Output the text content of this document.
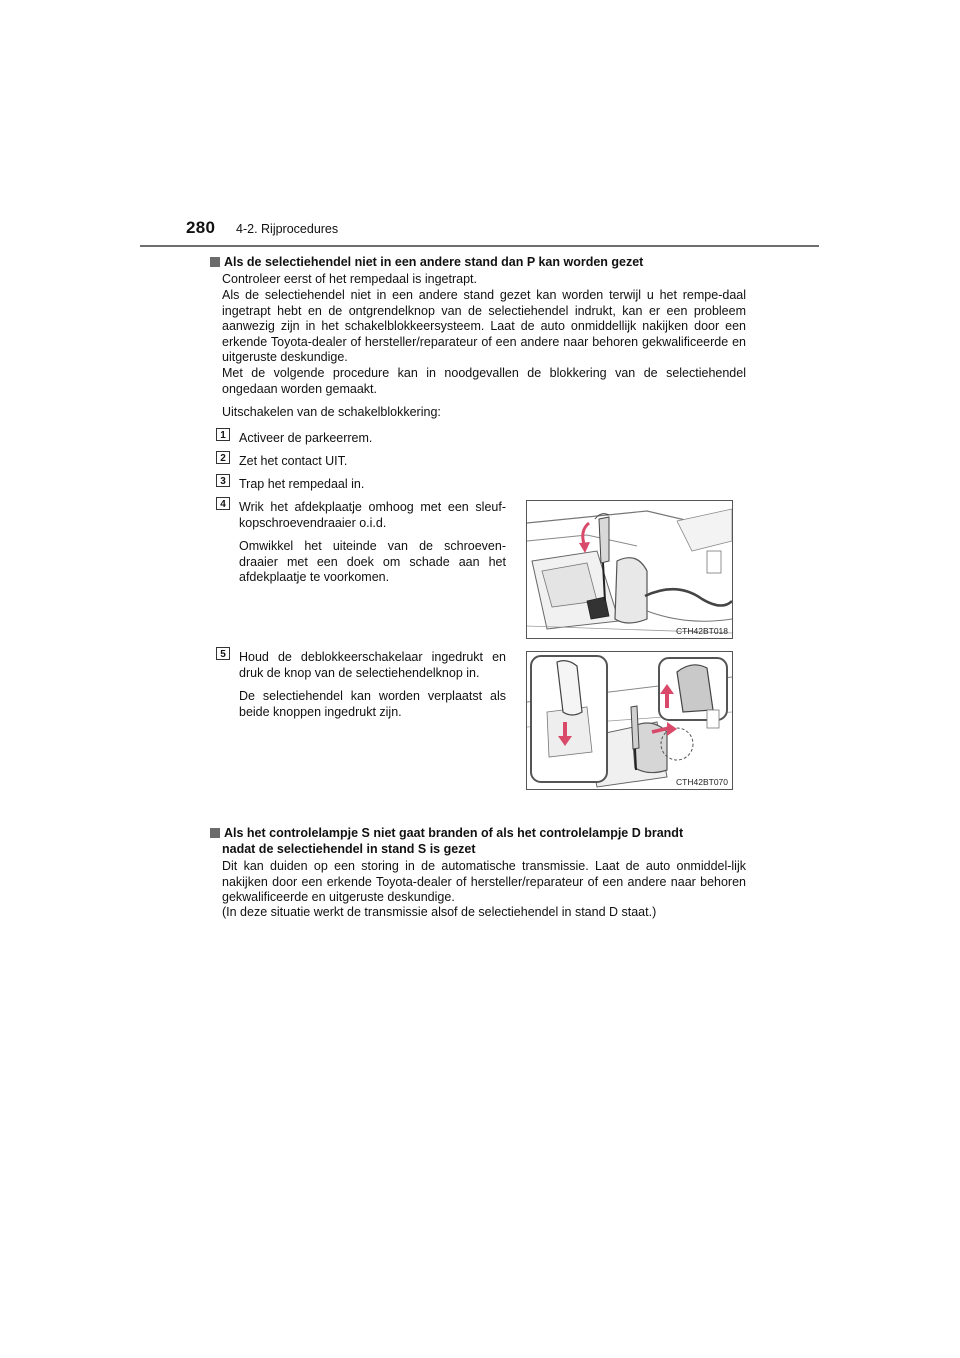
280 4-2. Rijprocedures
Als de selectiehendel niet in een andere stand dan P kan worden gezet
Controleer eerst of het rempedaal is ingetrapt.
Als de selectiehendel niet in een andere stand gezet kan worden terwijl u het rempe-daal ingetrapt hebt en de ontgrendelknop van de selectiehendel indrukt, kan er een probleem aanwezig zijn in het schakelblokkeersysteem. Laat de auto onmiddellijk nakijken door een erkende Toyota-dealer of hersteller/reparateur of een andere naar behoren gekwalificeerde en uitgeruste deskundige.
Met de volgende procedure kan in noodgevallen de blokkering van de selectiehendel ongedaan worden gemaakt.
Uitschakelen van de schakelblokkering:
1	Activeer de parkeerrem.
2	Zet het contact UIT.
3	Trap het rempedaal in.
4	Wrik het afdekplaatje omhoog met een sleuf-kopschroevendraaier o.i.d.
Omwikkel het uiteinde van de schroeven-draaier met een doek om schade aan het afdekplaatje te voorkomen.
CTH42BT018
5	Houd de deblokkeerschakelaar ingedrukt en druk de knop van de selectiehendelknop in.
De selectiehendel kan worden verplaatst als beide knoppen ingedrukt zijn.
CTH42BT070
Als het controlelampje S niet gaat branden of als het controlelampje D brandt
nadat de selectiehendel in stand S is gezet
Dit kan duiden op een storing in de automatische transmissie. Laat de auto onmiddel-lijk nakijken door een erkende Toyota-dealer of hersteller/reparateur of een andere naar behoren gekwalificeerde en uitgeruste deskundige.
(In deze situatie werkt de transmissie alsof de selectiehendel in stand D staat.)
